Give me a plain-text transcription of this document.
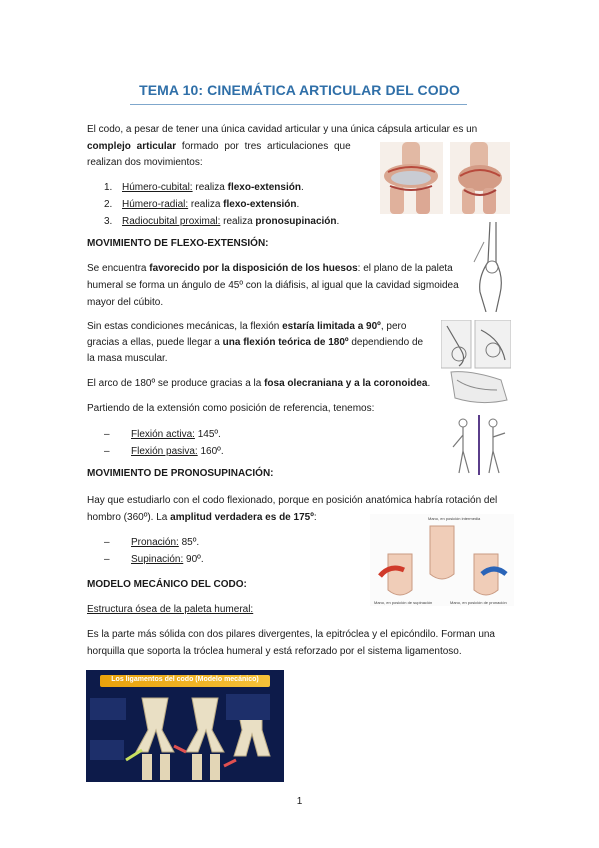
TEMA 10: CINEMÁTICA ARTICULAR DEL CODO
El codo, a pesar de tener una única cavidad articular y una única cápsula articular es un
complejo articular formado por tres articulaciones que
realizan dos movimientos:
1. Húmero-cubital: realiza flexo-extensión.
2. Húmero-radial: realiza flexo-extensión.
3. Radiocubital proximal: realiza pronosupinación.
MOVIMIENTO DE FLEXO-EXTENSIÓN:
Se encuentra favorecido por la disposición de los huesos: el plano de la paleta
humeral se forma un ángulo de 45º con la diáfisis, al igual que la cavidad sigmoidea
mayor del cúbito.
Sin estas condiciones mecánicas, la flexión estaría limitada a 90º, pero
gracias a ellas, puede llegar a una flexión teórica de 180º dependiendo de
la masa muscular.
El arco de 180º se produce gracias a la fosa olecraniana y a la coronoidea.
Partiendo de la extensión como posición de referencia, tenemos:
– Flexión activa: 145º.
– Flexión pasiva: 160º.
MOVIMIENTO DE PRONOSUPINACIÓN:
Hay que estudiarlo con el codo flexionado, porque en posición anatómica habría rotación del
hombro (360º). La amplitud verdadera es de 175º:
– Pronación: 85º.
– Supinación: 90º.
Mano, en posición intermedia
Mano, en posición de supinación	Mano, en posición de pronación
MODELO MECÁNICO DEL CODO:
Estructura ósea de la paleta humeral:
Es la parte más sólida con dos pilares divergentes, la epitróclea y el epicóndilo. Forman una
horquilla que soporta la tróclea humeral y está reforzado por el sistema ligamentoso.
Los ligamentos del codo (Modelo mecánico)
1
